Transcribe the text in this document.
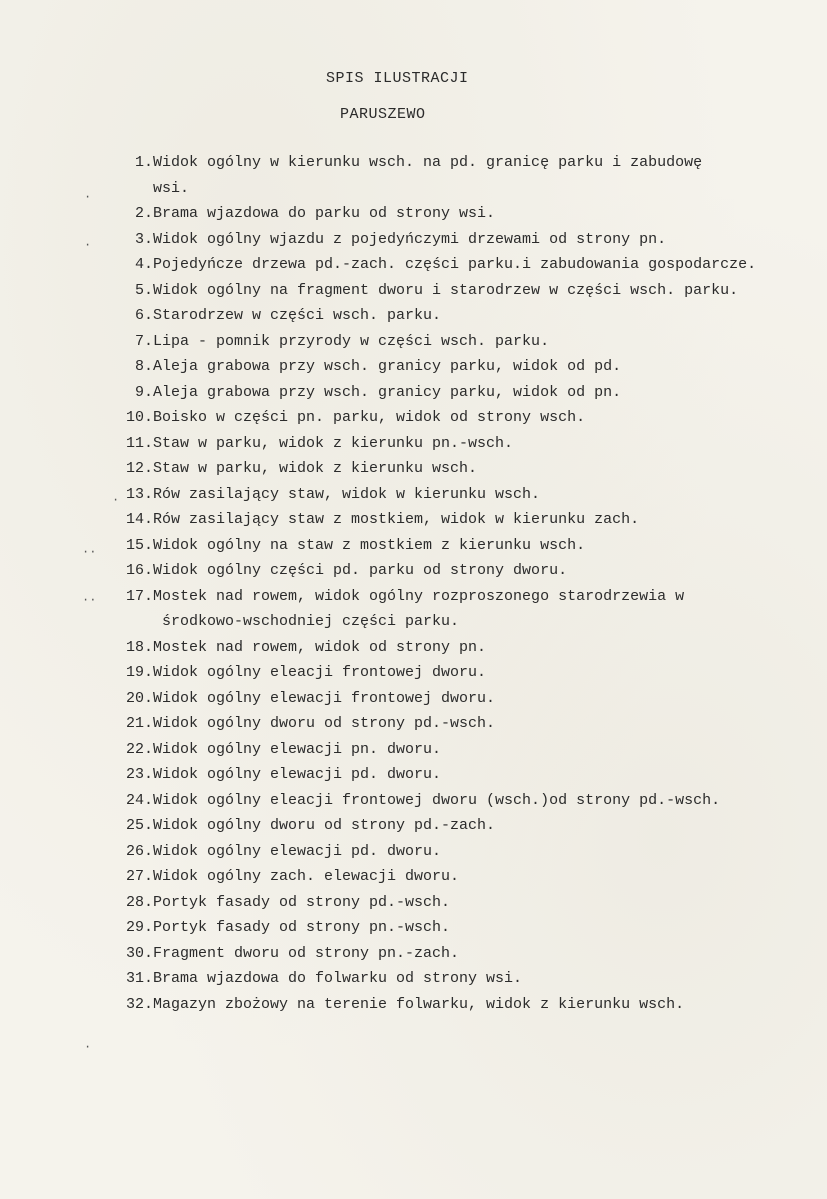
SPIS ILUSTRACJI
PARUSZEWO
1.Widok ogólny w kierunku wsch. na pd. granicę parku i zabudowę
wsi.
2.Brama wjazdowa do parku od strony wsi.
3.Widok ogólny wjazdu z pojedyńczymi drzewami od strony pn.
4.Pojedyńcze drzewa pd.-zach. części parku.i zabudowania gospodarcze.
5.Widok ogólny na fragment dworu i starodrzew w części wsch. parku.
6.Starodrzew w części wsch. parku.
7.Lipa - pomnik przyrody w części wsch. parku.
8.Aleja grabowa przy wsch. granicy parku, widok od pd.
9.Aleja grabowa przy wsch. granicy parku, widok od pn.
10.Boisko w części pn. parku, widok od strony wsch.
11.Staw w parku, widok z kierunku pn.-wsch.
12.Staw w parku, widok z kierunku wsch.
13.Rów zasilający staw, widok w kierunku wsch.
14.Rów zasilający staw z mostkiem, widok w kierunku zach.
15.Widok ogólny na staw z mostkiem z kierunku wsch.
16.Widok ogólny części pd. parku od strony dworu.
17.Mostek nad rowem, widok ogólny rozproszonego starodrzewia w
środkowo-wschodniej części parku.
18.Mostek nad rowem, widok od strony pn.
19.Widok ogólny eleacji frontowej dworu.
20.Widok ogólny elewacji frontowej dworu.
21.Widok ogólny dworu od strony pd.-wsch.
22.Widok ogólny elewacji pn. dworu.
23.Widok ogólny elewacji pd. dworu.
24.Widok ogólny eleacji frontowej dworu (wsch.)od strony pd.-wsch.
25.Widok ogólny dworu od strony pd.-zach.
26.Widok ogólny elewacji pd. dworu.
27.Widok ogólny zach. elewacji dworu.
28.Portyk fasady od strony pd.-wsch.
29.Portyk fasady od strony pn.-wsch.
30.Fragment dworu od strony pn.-zach.
31.Brama wjazdowa do folwarku od strony wsi.
32.Magazyn zbożowy na terenie folwarku, widok z kierunku wsch.
·
·
·
··
··
·
